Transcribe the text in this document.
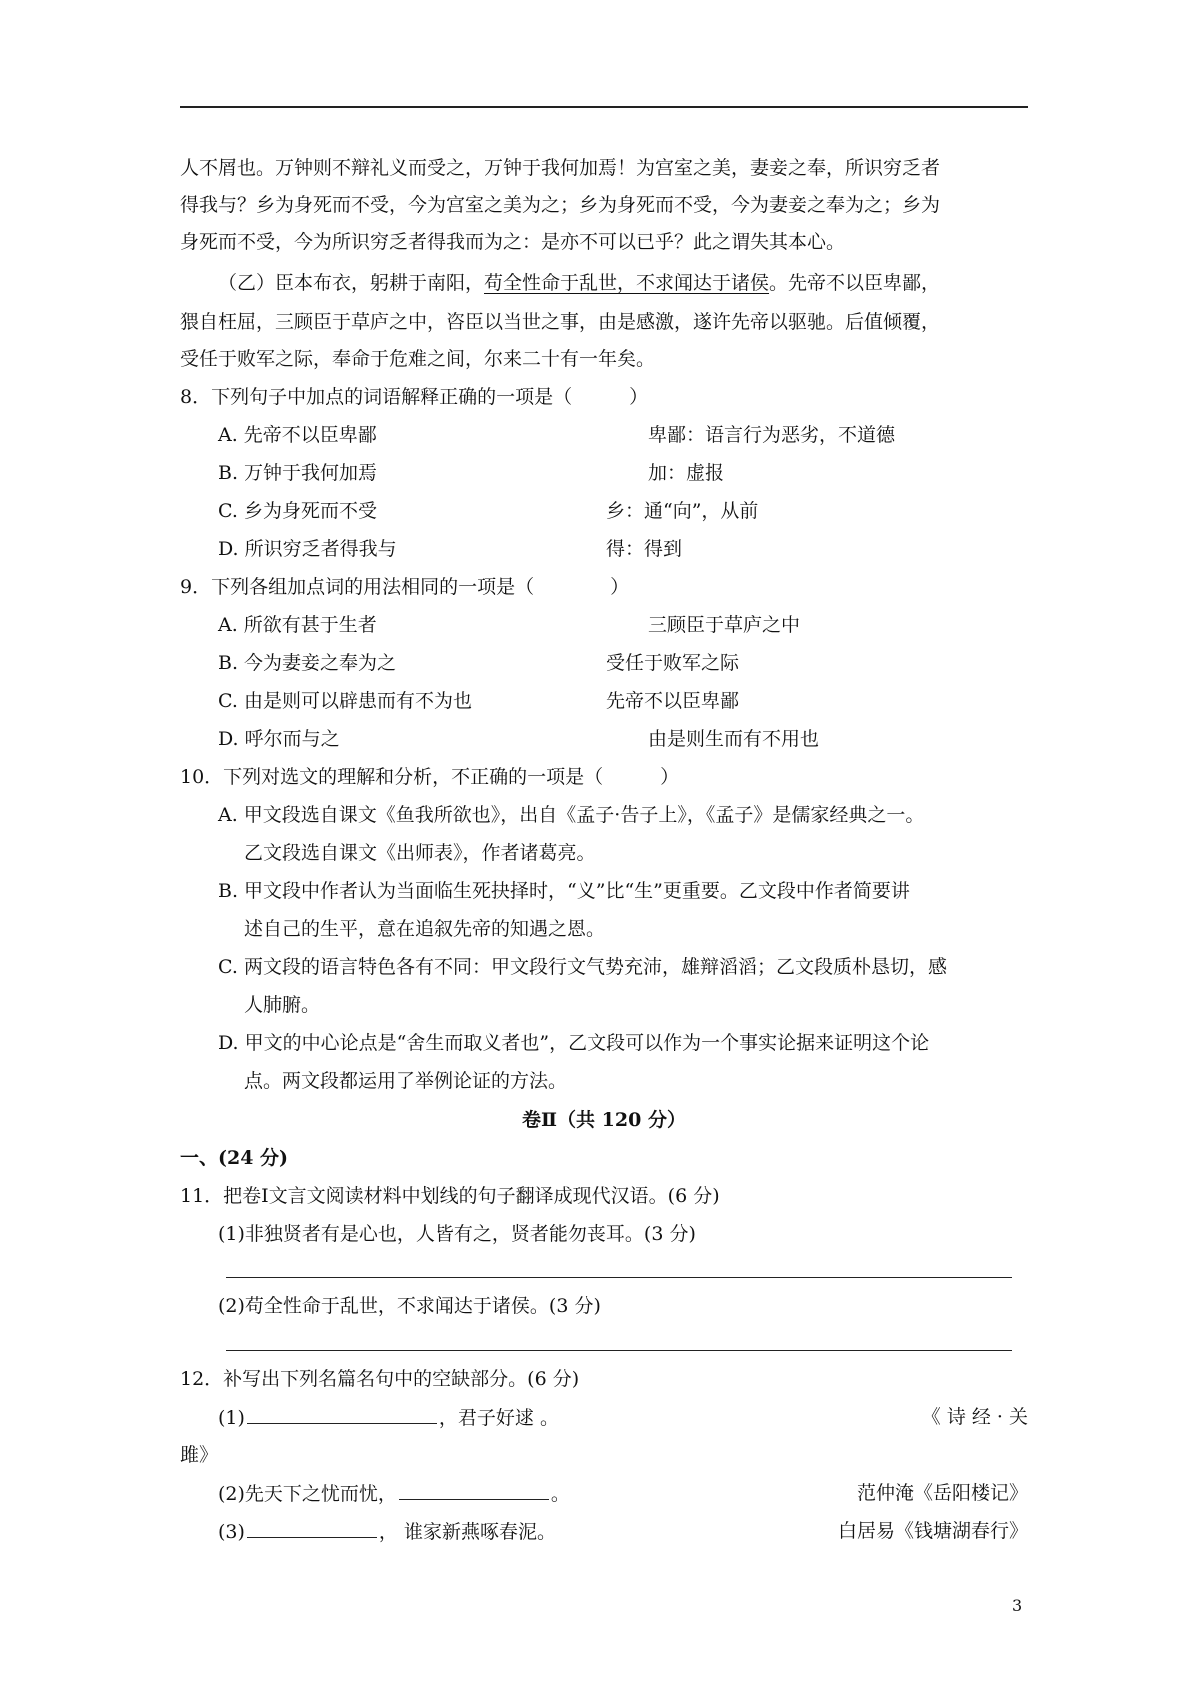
人不屑也。万钟则不辩礼义而受之，万钟于我何加焉！为宫室之美，妻妾之奉，所识穷乏者
得我与？乡为身死而不受，今为宫室之美为之；乡为身死而不受，今为妻妾之奉为之；乡为
身死而不受，今为所识穷乏者得我而为之：是亦不可以已乎？此之谓失其本心。
（乙）臣本布衣，躬耕于南阳，苟全性命于乱世，不求闻达于诸侯。先帝不以臣卑鄙，
猥自枉屈，三顾臣于草庐之中，咨臣以当世之事，由是感激，遂许先帝以驱驰。后值倾覆，
受任于败军之际，奉命于危难之间，尔来二十有一年矣。
8．下列句子中加点的词语解释正确的一项是（　　　）
A. 先帝不以臣卑鄙	卑鄙：语言行为恶劣，不道德
B. 万钟于我何加焉	加：虚报
C. 乡为身死而不受	乡：通“向”，从前
D. 所识穷乏者得我与	得：得到
9．下列各组加点词的用法相同的一项是（　　　　）
A. 所欲有甚于生者	三顾臣于草庐之中
B. 今为妻妾之奉为之	受任于败军之际
C. 由是则可以辟患而有不为也	先帝不以臣卑鄙
D. 呼尔而与之	由是则生而有不用也
10．下列对选文的理解和分析，不正确的一项是（　　　）
A. 甲文段选自课文《鱼我所欲也》，出自《孟子·告子上》，《孟子》是儒家经典之一。
乙文段选自课文《出师表》，作者诸葛亮。
B. 甲文段中作者认为当面临生死抉择时，“义”比“生”更重要。乙文段中作者简要讲
述自己的生平，意在追叙先帝的知遇之恩。
C. 两文段的语言特色各有不同：甲文段行文气势充沛，雄辩滔滔；乙文段质朴恳切，感
人肺腑。
D. 甲文的中心论点是“舍生而取义者也”，乙文段可以作为一个事实论据来证明这个论
点。两文段都运用了举例论证的方法。
卷Ⅱ（共 120 分）
一、(24 分)
11．把卷Ⅰ文言文阅读材料中划线的句子翻译成现代汉语。(6 分)
(1)非独贤者有是心也，人皆有之，贤者能勿丧耳。(3 分)
(2)苟全性命于乱世，不求闻达于诸侯。(3 分)
12．补写出下列名篇名句中的空缺部分。(6 分)
(1)	，君子好逑 。	《 诗 经 · 关
雎》
(2)先天下之忧而忧，	。	范仲淹《岳阳楼记》
(3)	， 谁家新燕啄春泥。	白居易《钱塘湖春行》
3
